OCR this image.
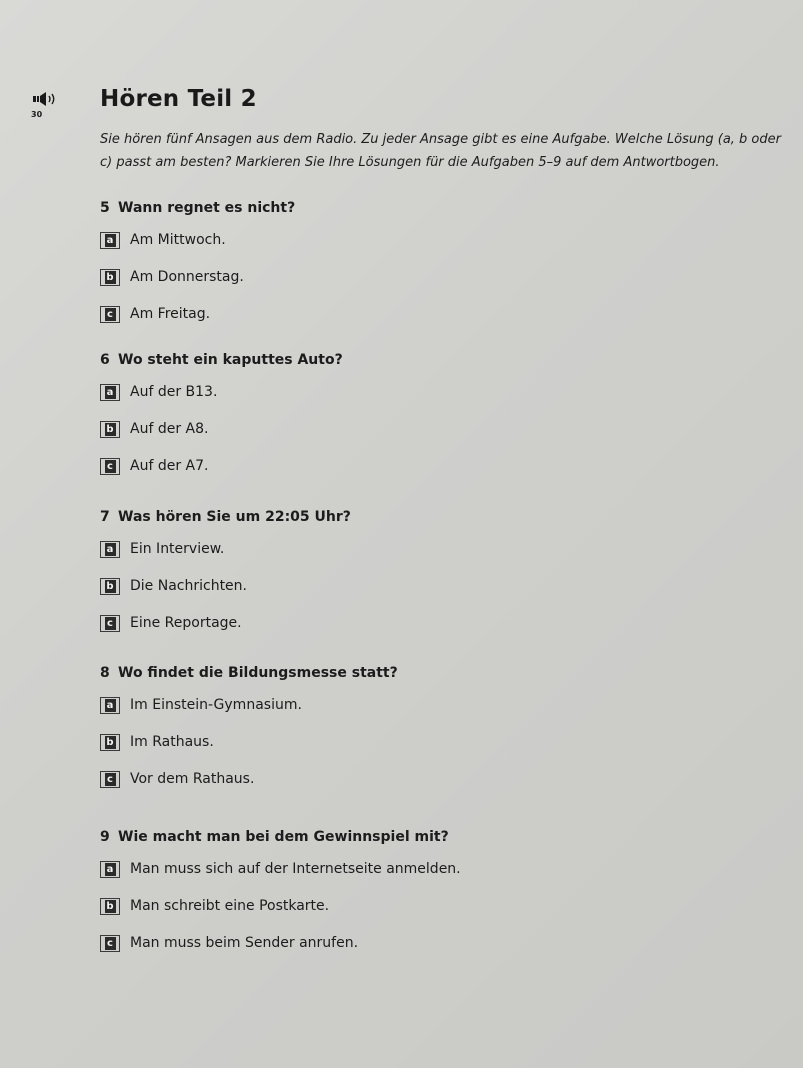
30
Hören Teil 2

Sie hören fünf Ansagen aus dem Radio. Zu jeder Ansage gibt es eine Aufgabe. Welche Lösung (a, b oder c) passt am besten? Markieren Sie Ihre Lösungen für die Aufgaben 5–9 auf dem Antwortbogen.

5 Wann regnet es nicht?

a Am Mittwoch.
b Am Donnerstag.
c Am Freitag.

6 Wo steht ein kaputtes Auto?

a Auf der B13.
b Auf der A8.
c Auf der A7.

7 Was hören Sie um 22:05 Uhr?

a Ein Interview.
b Die Nachrichten.
c Eine Reportage.

8 Wo findet die Bildungsmesse statt?

a Im Einstein-Gymnasium.
b Im Rathaus.
c Vor dem Rathaus.

9 Wie macht man bei dem Gewinnspiel mit?

a Man muss sich auf der Internetseite anmelden.
b Man schreibt eine Postkarte.
c Man muss beim Sender anrufen.
